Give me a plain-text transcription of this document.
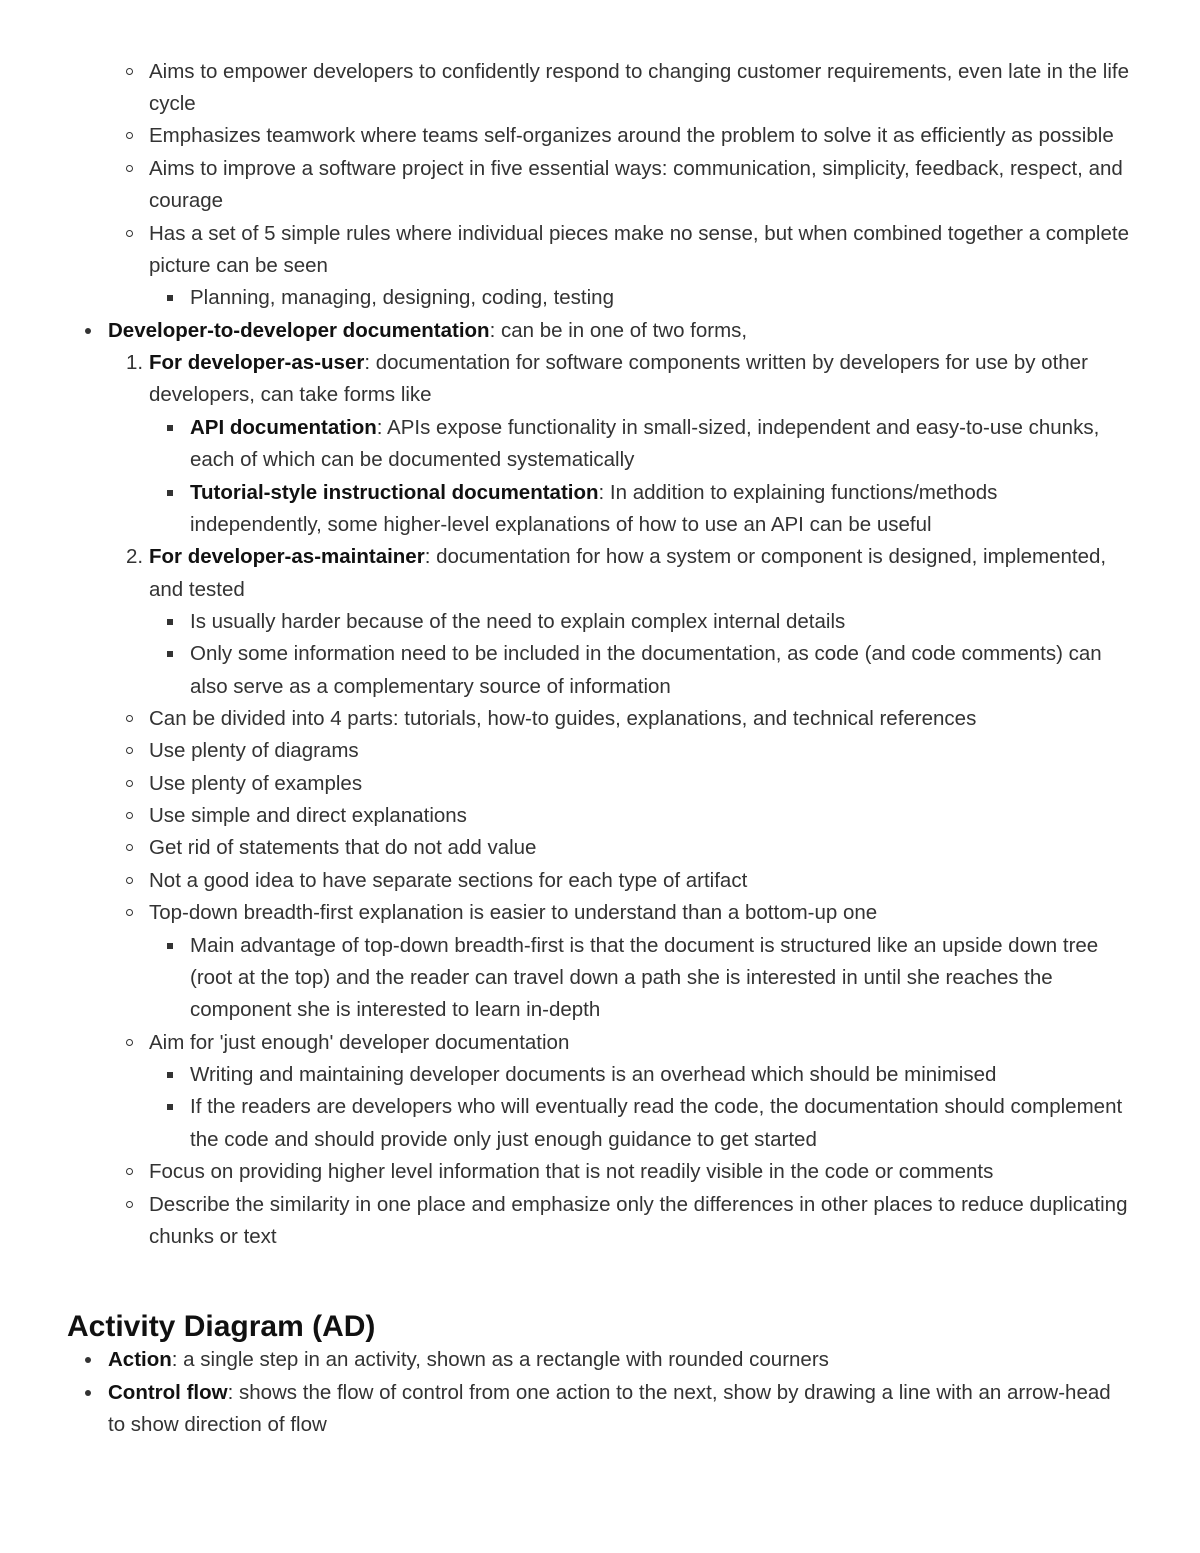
Aims to empower developers to confidently respond to changing customer requirements, even late in the life
cycle
Emphasizes teamwork where teams self-organizes around the problem to solve it as efficiently as possible
Aims to improve a software project in five essential ways: communication, simplicity, feedback, respect, and
courage
Has a set of 5 simple rules where individual pieces make no sense, but when combined together a complete
picture can be seen
Planning, managing, designing, coding, testing
Developer-to-developer documentation: can be in one of two forms,
1. For developer-as-user: documentation for software components written by developers for use by other
developers, can take forms like
API documentation: APIs expose functionality in small-sized, independent and easy-to-use chunks,
each of which can be documented systematically
Tutorial-style instructional documentation: In addition to explaining functions/methods
independently, some higher-level explanations of how to use an API can be useful
2. For developer-as-maintainer: documentation for how a system or component is designed, implemented,
and tested
Is usually harder because of the need to explain complex internal details
Only some information need to be included in the documentation, as code (and code comments) can
also serve as a complementary source of information
Can be divided into 4 parts: tutorials, how-to guides, explanations, and technical references
Use plenty of diagrams
Use plenty of examples
Use simple and direct explanations
Get rid of statements that do not add value
Not a good idea to have separate sections for each type of artifact
Top-down breadth-first explanation is easier to understand than a bottom-up one
Main advantage of top-down breadth-first is that the document is structured like an upside down tree
(root at the top) and the reader can travel down a path she is interested in until she reaches the
component she is interested to learn in-depth
Aim for 'just enough' developer documentation
Writing and maintaining developer documents is an overhead which should be minimised
If the readers are developers who will eventually read the code, the documentation should complement
the code and should provide only just enough guidance to get started
Focus on providing higher level information that is not readily visible in the code or comments
Describe the similarity in one place and emphasize only the differences in other places to reduce duplicating
chunks or text
Activity Diagram (AD)
Action: a single step in an activity, shown as a rectangle with rounded courners
Control flow: shows the flow of control from one action to the next, show by drawing a line with an arrow-head
to show direction of flow
